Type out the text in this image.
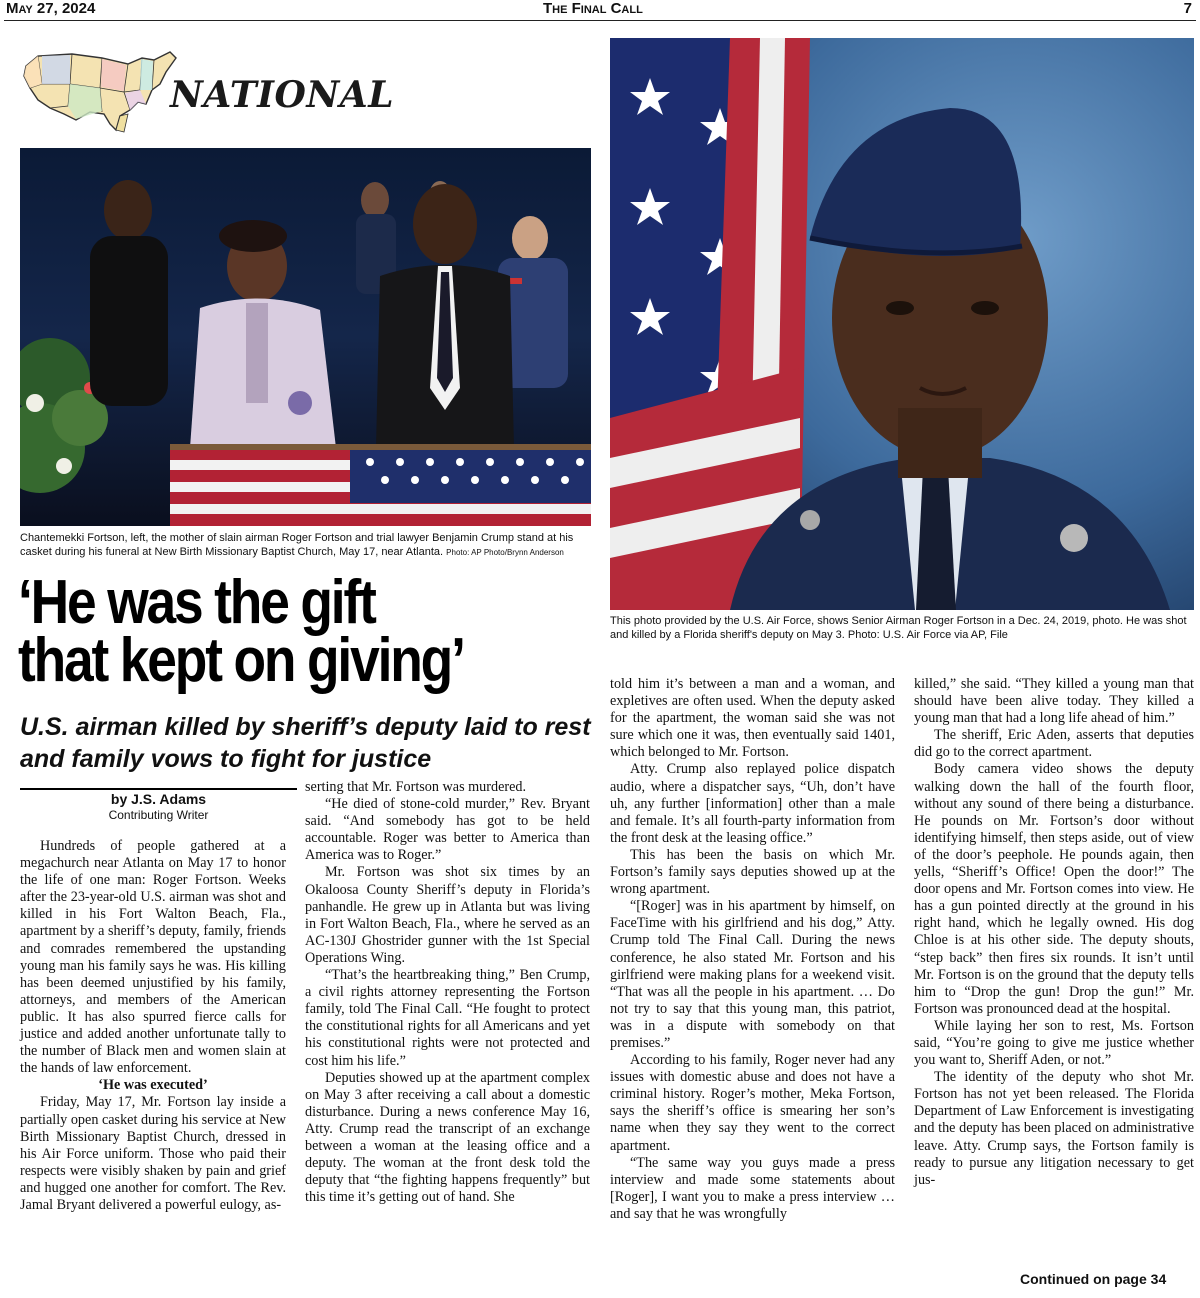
May 27, 2024	The Final Call	7
NATIONAL
Chantemekki Fortson, left, the mother of slain airman Roger Fortson and trial lawyer Benjamin Crump stand at his casket during his funeral at New Birth Missionary Baptist Church, May 17, near Atlanta. Photo: AP Photo/Brynn Anderson
This photo provided by the U.S. Air Force, shows Senior Airman Roger Fortson in a Dec. 24, 2019, photo. He was shot and killed by a Florida sheriff's deputy on May 3. Photo: U.S. Air Force via AP, File
‘He was the gift
that kept on giving’
U.S. airman killed by sheriff’s deputy laid to rest and family vows to fight for justice
by J.S. Adams
Contributing Writer

Hundreds of people gathered at a megachurch near Atlanta on May 17 to honor the life of one man: Roger Fortson. Weeks after the 23-year-old U.S. airman was shot and killed in his Fort Walton Beach, Fla., apartment by a sheriff’s deputy, family, friends and comrades remembered the upstanding young man his family says he was. His killing has been deemed unjustified by his family, attorneys, and members of the American public. It has also spurred fierce calls for justice and added another unfortunate tally to the number of Black men and women slain at the hands of law enforcement.

‘He was executed’

Friday, May 17, Mr. Fortson lay inside a partially open casket during his service at New Birth Missionary Baptist Church, dressed in his Air Force uniform. Those who paid their respects were visibly shaken by pain and grief and hugged one another for comfort. The Rev. Jamal Bryant delivered a powerful eulogy, as-

serting that Mr. Fortson was murdered.

“He died of stone-cold murder,” Rev. Bryant said. “And somebody has got to be held accountable. Roger was better to America than America was to Roger.”

Mr. Fortson was shot six times by an Okaloosa County Sheriff’s deputy in Florida’s panhandle. He grew up in Atlanta but was living in Fort Walton Beach, Fla., where he served as an AC-130J Ghostrider gunner with the 1st Special Operations Wing.

“That’s the heartbreaking thing,” Ben Crump, a civil rights attorney representing the Fortson family, told The Final Call. “He fought to protect the constitutional rights for all Americans and yet his constitutional rights were not protected and cost him his life.”

Deputies showed up at the apartment complex on May 3 after receiving a call about a domestic disturbance. During a news conference May 16, Atty. Crump read the transcript of an exchange between a woman at the leasing office and a deputy. The woman at the front desk told the deputy that “the fighting happens frequently” but this time it’s getting out of hand. She

told him it’s between a man and a woman, and expletives are often used. When the deputy asked for the apartment, the woman said she was not sure which one it was, then eventually said 1401, which belonged to Mr. Fortson.

Atty. Crump also replayed police dispatch audio, where a dispatcher says, “Uh, don’t have uh, any further [information] other than a male and female. It’s all fourth-party information from the front desk at the leasing office.”

This has been the basis on which Mr. Fortson’s family says deputies showed up at the wrong apartment.

“[Roger] was in his apartment by himself, on FaceTime with his girlfriend and his dog,” Atty. Crump told The Final Call. During the news conference, he also stated Mr. Fortson and his girlfriend were making plans for a weekend visit. “That was all the people in his apartment. … Do not try to say that this young man, this patriot, was in a dispute with somebody on that premises.”

According to his family, Roger never had any issues with domestic abuse and does not have a criminal history. Roger’s mother, Meka Fortson, says the sheriff’s office is smearing her son’s name when they say they went to the correct apartment.

“The same way you guys made a press interview and made some statements about [Roger], I want you to make a press interview … and say that he was wrongfully

killed,” she said. “They killed a young man that should have been alive today. They killed a young man that had a long life ahead of him.”

The sheriff, Eric Aden, asserts that deputies did go to the correct apartment.

Body camera video shows the deputy walking down the hall of the fourth floor, without any sound of there being a disturbance. He pounds on Mr. Fortson’s door without identifying himself, then steps aside, out of view of the door’s peephole. He pounds again, then yells, “Sheriff’s Office! Open the door!” The door opens and Mr. Fortson comes into view. He has a gun pointed directly at the ground in his right hand, which he legally owned. His dog Chloe is at his other side. The deputy shouts, “step back” then fires six rounds. It isn’t until Mr. Fortson is on the ground that the deputy tells him to “Drop the gun! Drop the gun!” Mr. Fortson was pronounced dead at the hospital.

While laying her son to rest, Ms. Fortson said, “You’re going to give me justice whether you want to, Sheriff Aden, or not.”

The identity of the deputy who shot Mr. Fortson has not yet been released. The Florida Department of Law Enforcement is investigating and the deputy has been placed on administrative leave. Atty. Crump says, the Fortson family is ready to pursue any litigation necessary to get jus-

Continued on page 34
